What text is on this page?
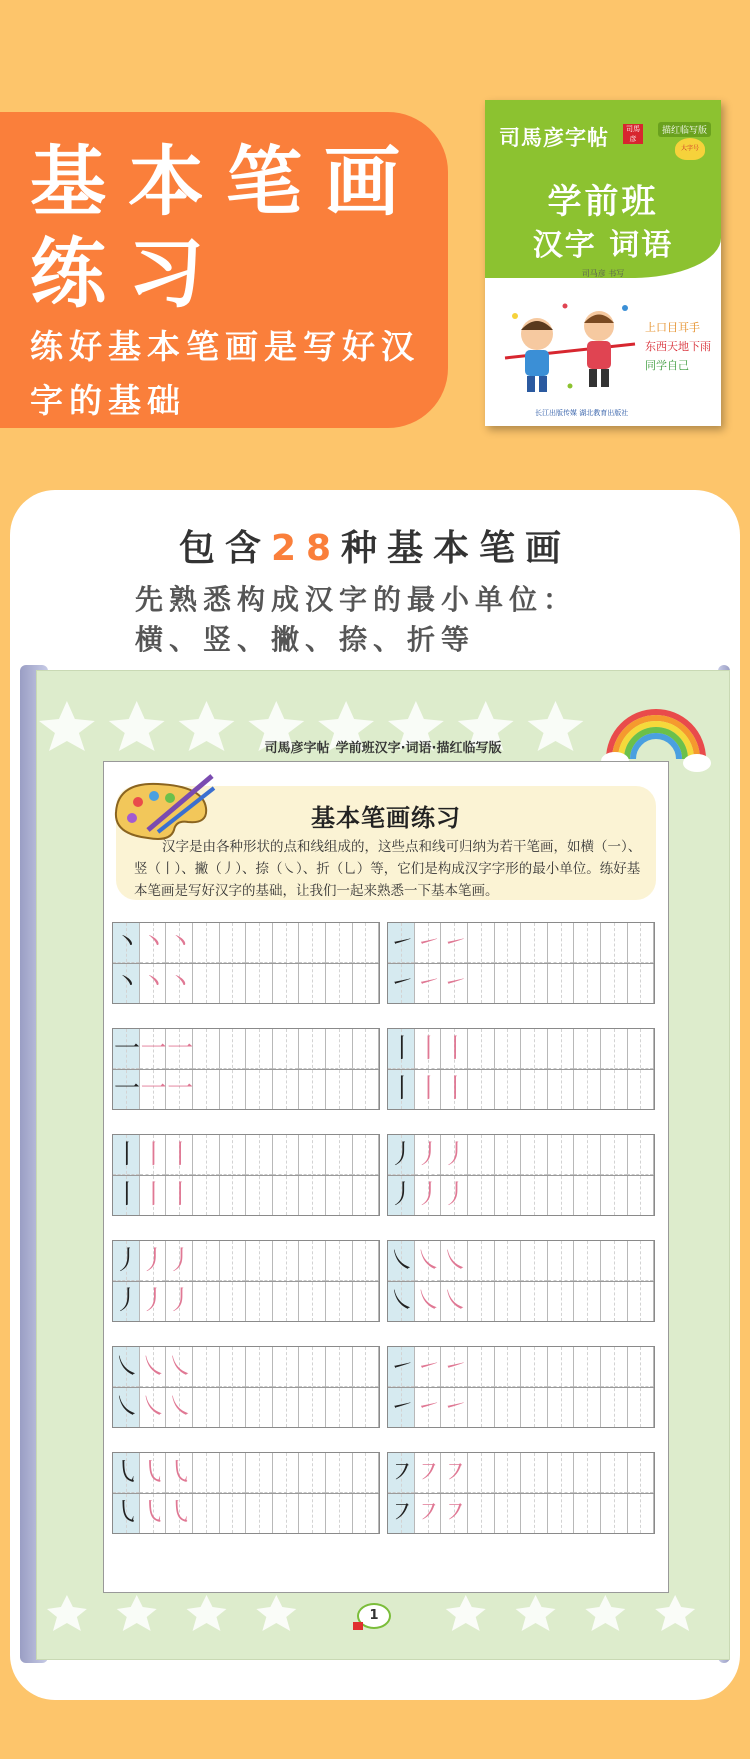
基本笔画
练习
练好基本笔画是写好汉字的基础
司馬彦字帖	司馬彦
描红临写版
大字号
学前班
汉字 词语
司马彦 书写
上口目耳手
东西天地下雨
同学自己
长江出版传媒 湖北教育出版社
包含28种基本笔画
先熟悉构成汉字的最小单位：
横、竖、撇、捺、折等
司馬彦字帖 学前班汉字·词语·描红临写版
基本笔画练习
汉字是由各种形状的点和线组成的，这些点和线可归纳为若干笔画，如横（一）、竖（丨）、撇（丿）、捺（㇏）、折（乚）等，它们是构成汉字字形的最小单位。练好基本笔画是写好汉字的基础，让我们一起来熟悉一下基本笔画。
丶 丶 丶
丶 丶 丶
㇀ ㇀ ㇀
㇀ ㇀ ㇀
一 一 一
一 一 一
丨 丨 丨
丨 丨 丨
丨 丨 丨
丨 丨 丨
丿 丿 丿
丿 丿 丿
丿 丿 丿
丿 丿 丿
㇏ ㇏ ㇏
㇏ ㇏ ㇏
㇏ ㇏ ㇏
㇏ ㇏ ㇏
㇀ ㇀ ㇀
㇀ ㇀ ㇀
㇂ ㇂ ㇂
㇂ ㇂ ㇂
㇇ ㇇ ㇇
㇇ ㇇ ㇇
1
